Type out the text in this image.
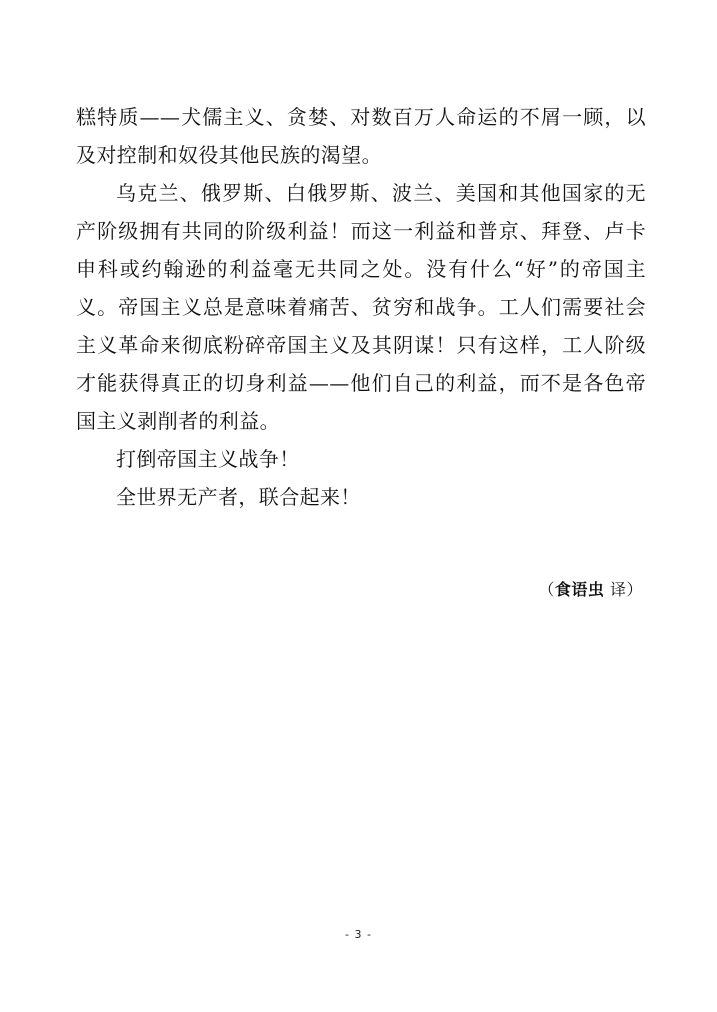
糕特质——犬儒主义、贪婪、对数百万人命运的不屑一顾，以及对控制和奴役其他民族的渴望。

乌克兰、俄罗斯、白俄罗斯、波兰、美国和其他国家的无产阶级拥有共同的阶级利益！而这一利益和普京、拜登、卢卡申科或约翰逊的利益毫无共同之处。没有什么“好”的帝国主义。帝国主义总是意味着痛苦、贫穷和战争。工人们需要社会主义革命来彻底粉碎帝国主义及其阴谋！只有这样，工人阶级才能获得真正的切身利益——他们自己的利益，而不是各色帝国主义剥削者的利益。

打倒帝国主义战争！

全世界无产者，联合起来！

（食语虫 译）
- 3 -
